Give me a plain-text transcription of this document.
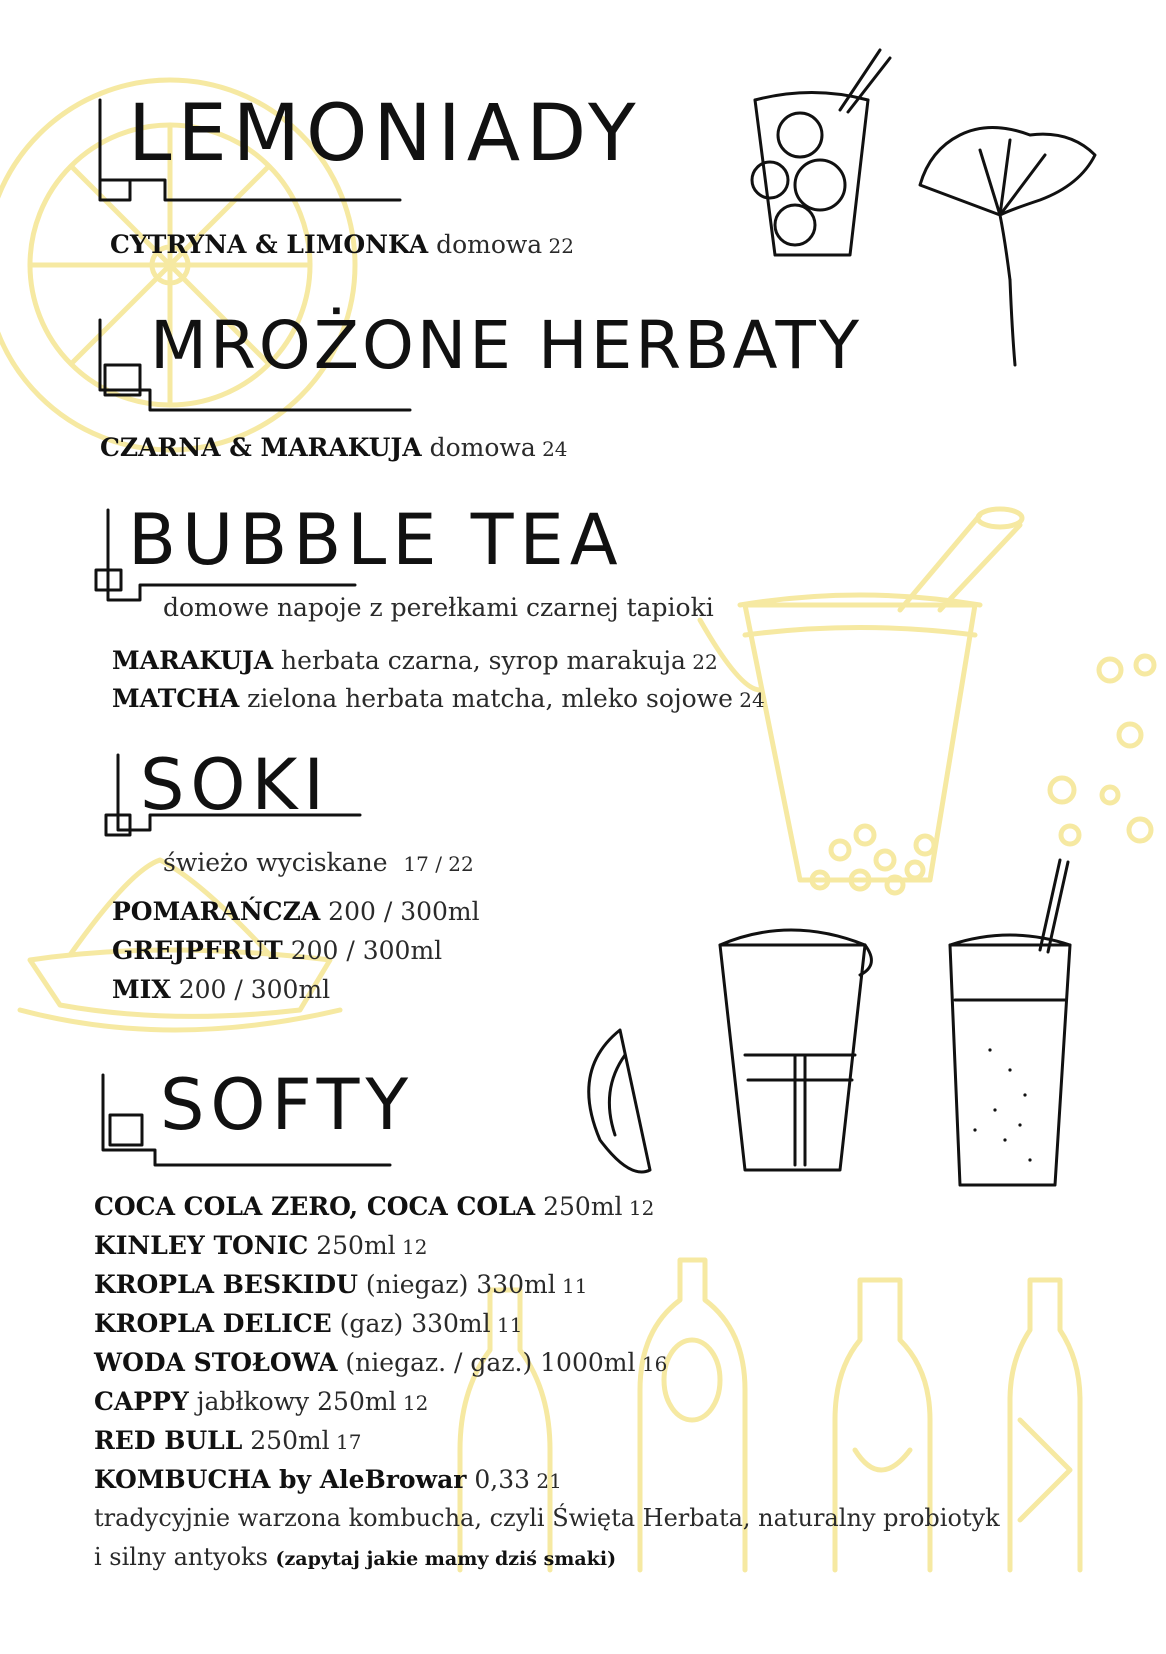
LEMONIADY
MROŻONE HERBATY
BUBBLE TEA
SOKI
SOFTY
CYTRYNA & LIMONKA domowa 22
CZARNA & MARAKUJA domowa 24
domowe napoje z perełkami czarnej tapioki
MARAKUJA herbata czarna, syrop marakuja 22
MATCHA zielona herbata matcha, mleko sojowe 24
świeżo wyciskane 17 / 22
POMARAŃCZA 200 / 300ml
GREJPFRUT 200 / 300ml
MIX 200 / 300ml
COCA COLA ZERO, COCA COLA 250ml 12
KINLEY TONIC 250ml 12
KROPLA BESKIDU (niegaz) 330ml 11
KROPLA DELICE (gaz) 330ml 11
WODA STOŁOWA (niegaz. / gaz.) 1000ml 16
CAPPY jabłkowy 250ml 12
RED BULL 250ml 17
KOMBUCHA by AleBrowar 0,33 21
tradycyjnie warzona kombucha, czyli Święta Herbata, naturalny probiotyk
i silny antyoks (zapytaj jakie mamy dziś smaki)
